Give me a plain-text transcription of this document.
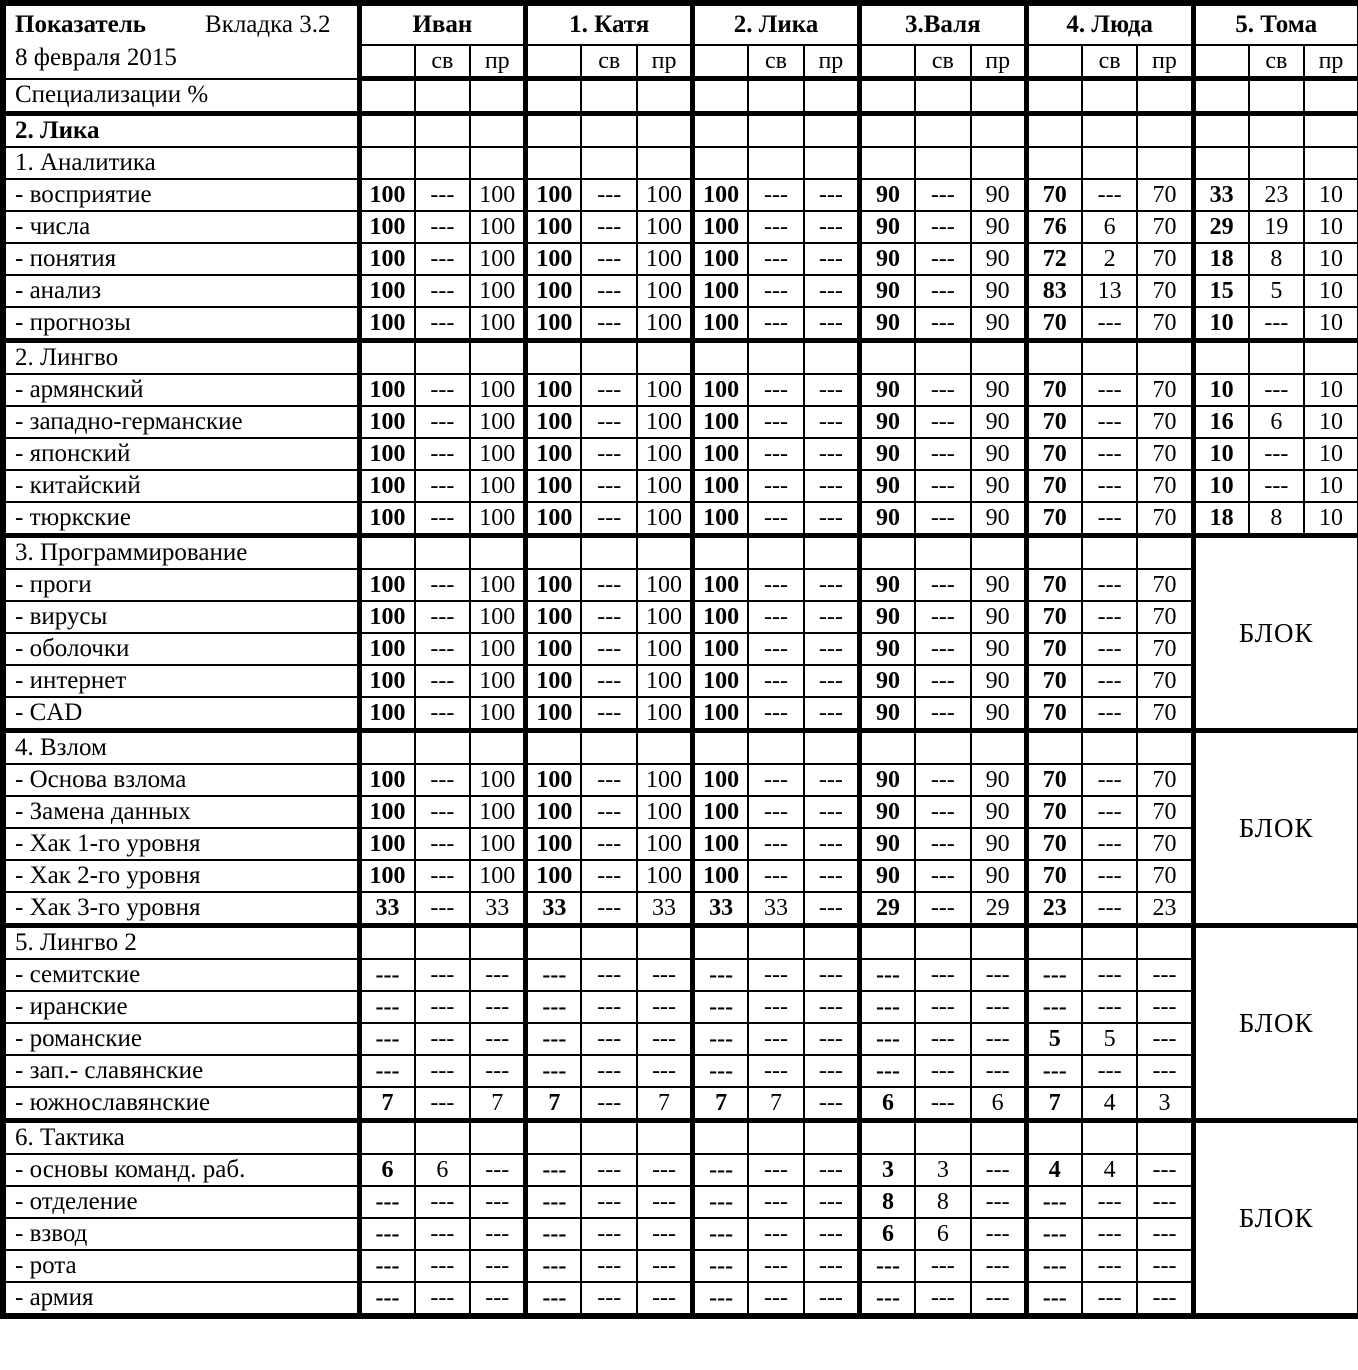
Показатель Вкладка 3.2
8 февраля 2015	Иван			1. Катя			2. Лика			3.Валя			4. Люда			5. Тома		
		св	пр		св	пр		св	пр		св	пр		св	пр		св	пр
Специализации %																		
2. Лика																		
1. Аналитика																		
- восприятие	100	---	100	100	---	100	100	---	---	90	---	90	70	---	70	33	23	10
- числа	100	---	100	100	---	100	100	---	---	90	---	90	76	6	70	29	19	10
- понятия	100	---	100	100	---	100	100	---	---	90	---	90	72	2	70	18	8	10
- анализ	100	---	100	100	---	100	100	---	---	90	---	90	83	13	70	15	5	10
- прогнозы	100	---	100	100	---	100	100	---	---	90	---	90	70	---	70	10	---	10
2. Лингво																		
- армянский	100	---	100	100	---	100	100	---	---	90	---	90	70	---	70	10	---	10
- западно-германские	100	---	100	100	---	100	100	---	---	90	---	90	70	---	70	16	6	10
- японский	100	---	100	100	---	100	100	---	---	90	---	90	70	---	70	10	---	10
- китайский	100	---	100	100	---	100	100	---	---	90	---	90	70	---	70	10	---	10
- тюркские	100	---	100	100	---	100	100	---	---	90	---	90	70	---	70	18	8	10
3. Программирование																БЛОК		
- проги	100	---	100	100	---	100	100	---	---	90	---	90	70	---	70			
- вирусы	100	---	100	100	---	100	100	---	---	90	---	90	70	---	70			
- оболочки	100	---	100	100	---	100	100	---	---	90	---	90	70	---	70			
- интернет	100	---	100	100	---	100	100	---	---	90	---	90	70	---	70			
- CAD	100	---	100	100	---	100	100	---	---	90	---	90	70	---	70			
4. Взлом																БЛОК		
- Основа взлома	100	---	100	100	---	100	100	---	---	90	---	90	70	---	70			
- Замена данных	100	---	100	100	---	100	100	---	---	90	---	90	70	---	70			
- Хак 1-го уровня	100	---	100	100	---	100	100	---	---	90	---	90	70	---	70			
- Хак 2-го уровня	100	---	100	100	---	100	100	---	---	90	---	90	70	---	70			
- Хак 3-го уровня	33	---	33	33	---	33	33	33	---	29	---	29	23	---	23			
5. Лингво 2																БЛОК		
- семитские	---	---	---	---	---	---	---	---	---	---	---	---	---	---	---			
- иранские	---	---	---	---	---	---	---	---	---	---	---	---	---	---	---			
- романские	---	---	---	---	---	---	---	---	---	---	---	---	5	5	---			
- зап.- славянские	---	---	---	---	---	---	---	---	---	---	---	---	---	---	---			
- южнославянские	7	---	7	7	---	7	7	7	---	6	---	6	7	4	3			
6. Тактика																БЛОК		
- основы команд. раб.	6	6	---	---	---	---	---	---	---	3	3	---	4	4	---			
- отделение	---	---	---	---	---	---	---	---	---	8	8	---	---	---	---			
- взвод	---	---	---	---	---	---	---	---	---	6	6	---	---	---	---			
- рота	---	---	---	---	---	---	---	---	---	---	---	---	---	---	---			
- армия	---	---	---	---	---	---	---	---	---	---	---	---	---	---	---			
